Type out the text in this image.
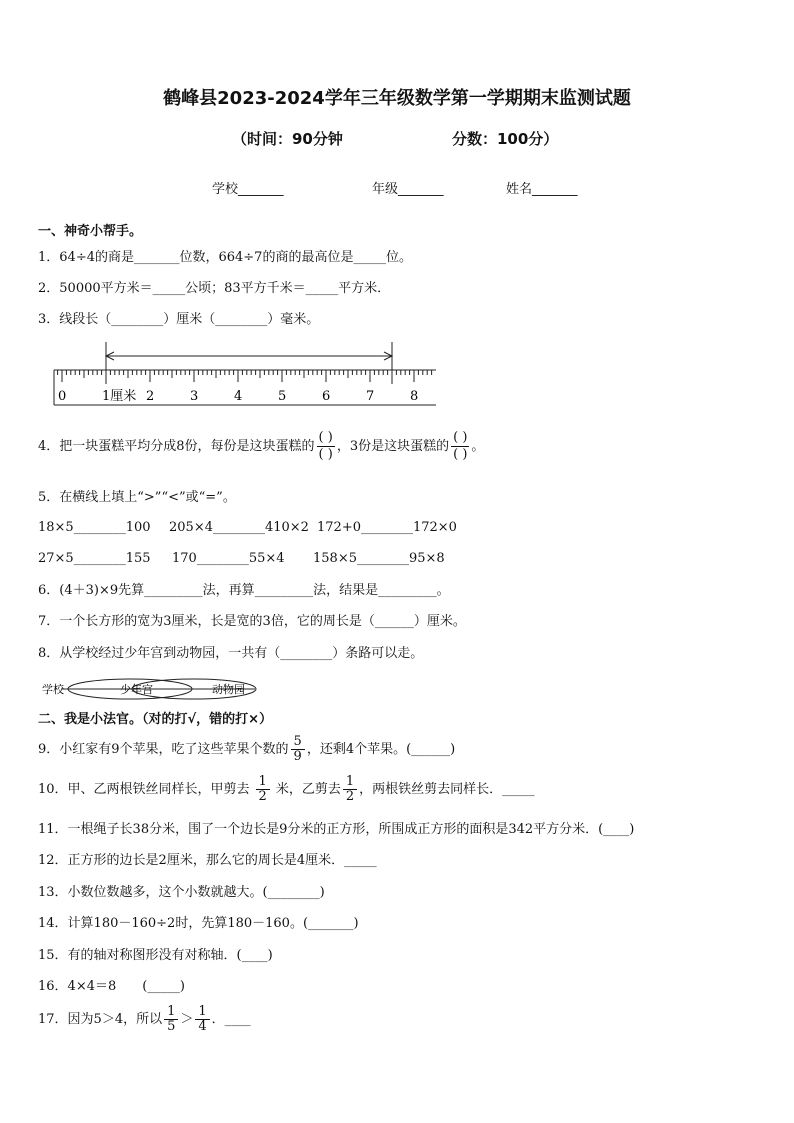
鹤峰县2023-2024学年三年级数学第一学期期末监测试题
（时间：90分钟	分数：100分）
学校_______	年级_______	姓名_______
一、神奇小帮手。
1．64÷4的商是_______位数，664÷7的商的最高位是_____位。
2．50000平方米＝_____公顷；83平方千米＝_____平方米．
3．线段长（________）厘米（________）毫米。
0	1厘米 2	3	4	5	6	7	8
4．把一块蛋糕平均分成8份，每份是这块蛋糕的 $\frac{( )}{( )}$ ，3份是这块蛋糕的 $\frac{( )}{( )}$ 。
5．在横线上填上“>”“<”或“=”。
18×5________100 205×4________410×2 172+0________172×0
27×5________155 170________55×4 158×5________95×8
6．(4＋3)×9先算_________法，再算_________法，结果是_________。
7．一个长方形的宽为3厘米，长是宽的3倍，它的周长是（______）厘米。
8．从学校经过少年宫到动物园，一共有（________）条路可以走。
学校	少年宫	动物园
二、我是小法官。（对的打√，错的打×）
9．小红家有9个苹果，吃了这些苹果个数的 $\frac{5}{9}$ ，还剩4个苹果。(______)
10．甲、乙两根铁丝同样长，甲剪去 $\frac{1}{2}$ 米，乙剪去 $\frac{1}{2}$ ，两根铁丝剪去同样长．_____
11．一根绳子长38分米，围了一个边长是9分米的正方形，所围成正方形的面积是342平方分米．(____)
12．正方形的边长是2厘米，那么它的周长是4厘米．_____
13．小数位数越多，这个小数就越大。(________)
14．计算180－160÷2时，先算180－160。(_______)
15．有的轴对称图形没有对称轴．(____)
16．4×4＝8　　(_____)
17．因为5＞4，所以 $\frac{1}{5} > \frac{1}{4}$ ．____
